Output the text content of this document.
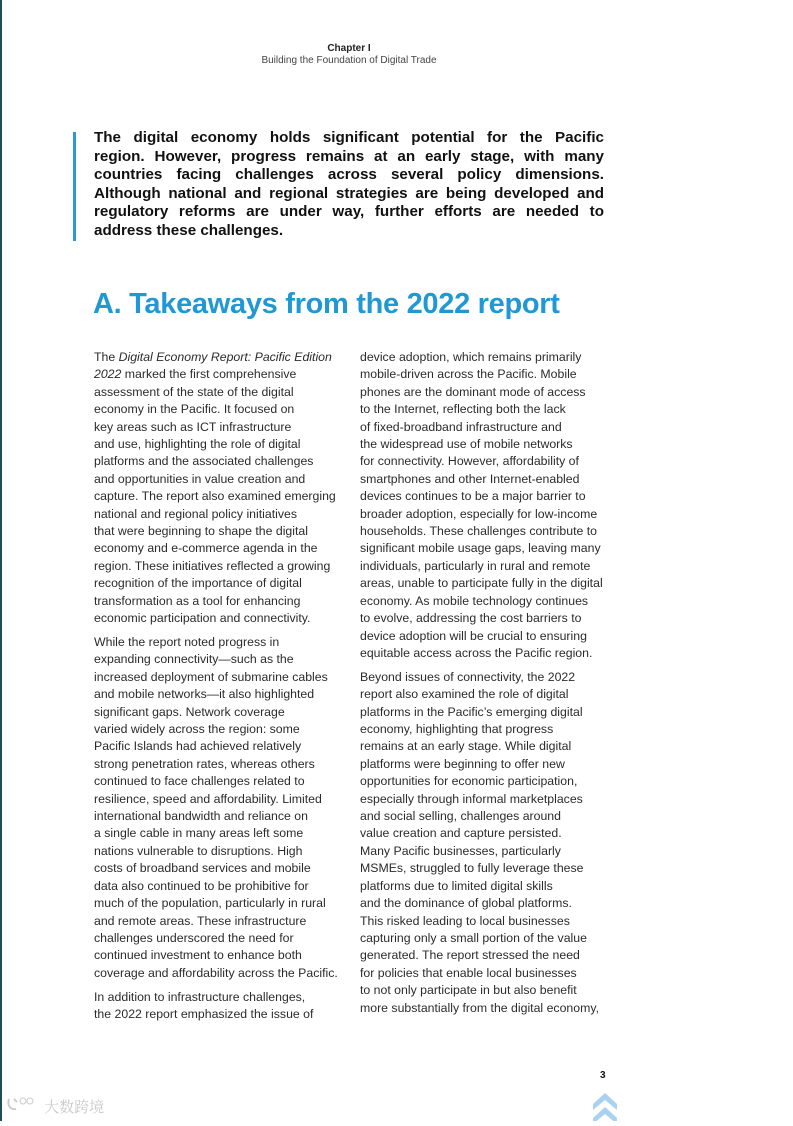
Chapter I
Building the Foundation of Digital Trade
The digital economy holds significant potential for the Pacific
region. However, progress remains at an early stage, with many
countries facing challenges across several policy dimensions.
Although national and regional strategies are being developed and
regulatory reforms are under way, further efforts are needed to
address these challenges.
A. Takeaways from the 2022 report

The Digital Economy Report: Pacific Edition
2022 marked the first comprehensive
assessment of the state of the digital
economy in the Pacific. It focused on
key areas such as ICT infrastructure
and use, highlighting the role of digital
platforms and the associated challenges
and opportunities in value creation and
capture. The report also examined emerging
national and regional policy initiatives
that were beginning to shape the digital
economy and e-commerce agenda in the
region. These initiatives reflected a growing
recognition of the importance of digital
transformation as a tool for enhancing
economic participation and connectivity.

While the report noted progress in
expanding connectivity—such as the
increased deployment of submarine cables
and mobile networks—it also highlighted
significant gaps. Network coverage
varied widely across the region: some
Pacific Islands had achieved relatively
strong penetration rates, whereas others
continued to face challenges related to
resilience, speed and affordability. Limited
international bandwidth and reliance on
a single cable in many areas left some
nations vulnerable to disruptions. High
costs of broadband services and mobile
data also continued to be prohibitive for
much of the population, particularly in rural
and remote areas. These infrastructure
challenges underscored the need for
continued investment to enhance both
coverage and affordability across the Pacific.

In addition to infrastructure challenges,
the 2022 report emphasized the issue of

device adoption, which remains primarily
mobile-driven across the Pacific. Mobile
phones are the dominant mode of access
to the Internet, reflecting both the lack
of fixed-broadband infrastructure and
the widespread use of mobile networks
for connectivity. However, affordability of
smartphones and other Internet-enabled
devices continues to be a major barrier to
broader adoption, especially for low-income
households. These challenges contribute to
significant mobile usage gaps, leaving many
individuals, particularly in rural and remote
areas, unable to participate fully in the digital
economy. As mobile technology continues
to evolve, addressing the cost barriers to
device adoption will be crucial to ensuring
equitable access across the Pacific region.

Beyond issues of connectivity, the 2022
report also examined the role of digital
platforms in the Pacific’s emerging digital
economy, highlighting that progress
remains at an early stage. While digital
platforms were beginning to offer new
opportunities for economic participation,
especially through informal marketplaces
and social selling, challenges around
value creation and capture persisted.
Many Pacific businesses, particularly
MSMEs, struggled to fully leverage these
platforms due to limited digital skills
and the dominance of global platforms.
This risked leading to local businesses
capturing only a small portion of the value
generated. The report stressed the need
for policies that enable local businesses
to not only participate in but also benefit
more substantially from the digital economy,

3
大数跨境
